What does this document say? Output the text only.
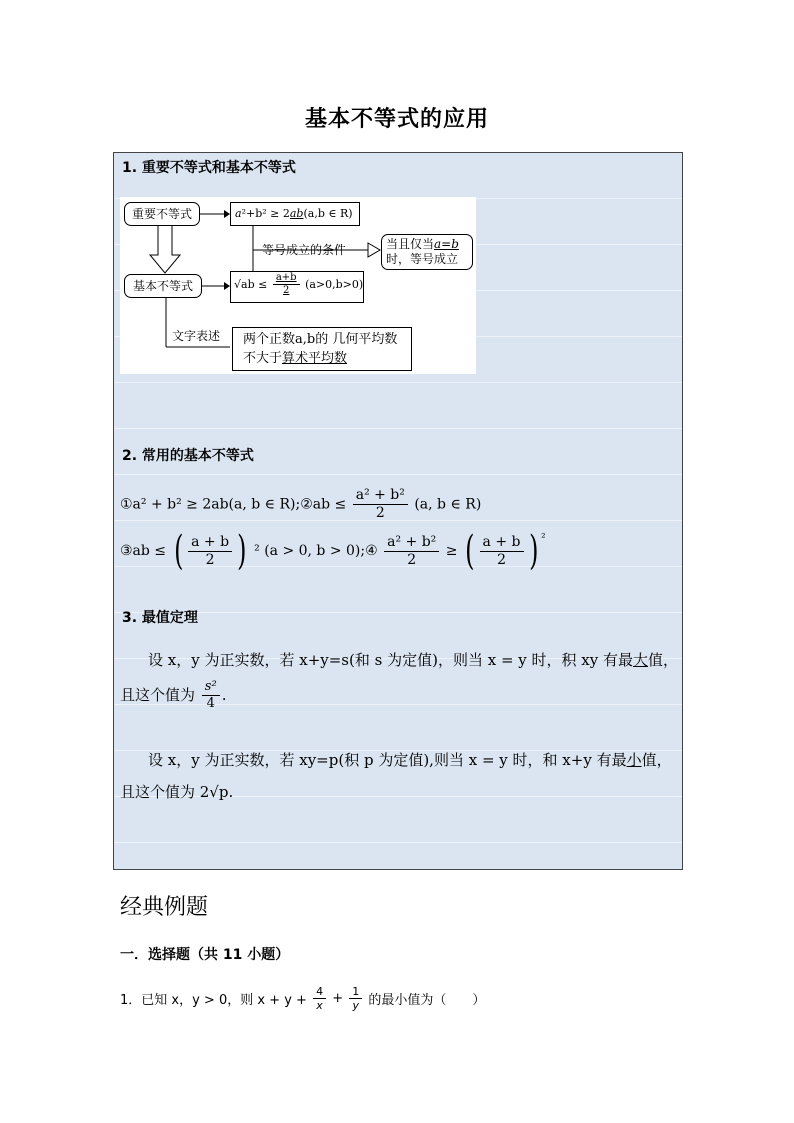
基本不等式的应用
1. 重要不等式和基本不等式
重要不等式	a²+b² ≥ 2ab(a,b ∈ R)
等号成立的条件	当且仅当a=b
时，等号成立
基本不等式	$√ab \le \frac{a+b}{2} (a>0,b>0)$
文字表述	两个正数a,b的 几何平均数
不大于算术平均数
2. 常用的基本不等式
①a² + b² ≥ 2ab(a, b ∈ R);②ab ≤ $\frac{\text{a² + b²}}{2} (a$, b ∈ R)
③ab ≤ ( $\frac{a + b}{2}$ ) ² (a > 0, b > 0);④ $\frac{\text{a² + b²}}{2}$ ≥ ( $\frac{a + b}{2}$ ) $^{^2}$
3. 最值定理
设 x，y 为正实数，若 x+y=s(和 s 为定值)，则当 x = y 时，积 xy 有最大值，
且这个值为 $\frac{\text{s²}}{4}$ .
设 x，y 为正实数，若 xy=p(积 p 为定值),则当 x = y 时，和 x+y 有最小值，
且这个值为 2√p.
经典例题
一．选择题（共 11 小题）
1．已知 x，y > 0，则 $x + y + \frac{4}{x} + \frac{1}{y}$ 的最小值为（　　）
